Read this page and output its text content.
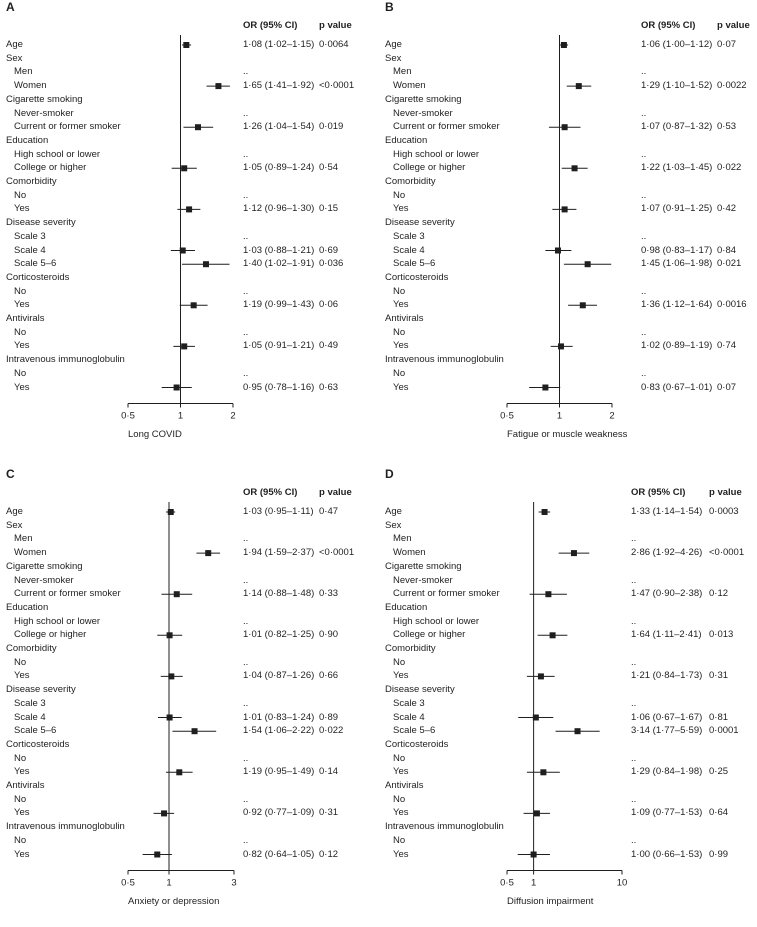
A
OR (95% CI) p value
Age	1·08 (1·02–1·15) 0·0064
Sex
Men	..
Women	1·65 (1·41–1·92) <0·0001
Cigarette smoking
Never-smoker	..
Current or former smoker	1·26 (1·04–1·54) 0·019
Education
High school or lower	..
College or higher	1·05 (0·89–1·24) 0·54
Comorbidity
No	..
Yes	1·12 (0·96–1·30) 0·15
Disease severity
Scale 3	..
Scale 4	1·03 (0·88–1·21) 0·69
Scale 5–6	1·40 (1·02–1·91) 0·036
Corticosteroids
No	..
Yes	1·19 (0·99–1·43) 0·06
Antivirals
No	..
Yes	1·05 (0·91–1·21) 0·49
Intravenous immunoglobulin
No	..
Yes	0·95 (0·78–1·16) 0·63
0·5	1	2
Long COVID
B
OR (95% CI) p value
Age	1·06 (1·00–1·12) 0·07
Sex
Men	..
Women	1·29 (1·10–1·52) 0·0022
Cigarette smoking
Never-smoker	..
Current or former smoker	1·07 (0·87–1·32) 0·53
Education
High school or lower	..
College or higher	1·22 (1·03–1·45) 0·022
Comorbidity
No	..
Yes	1·07 (0·91–1·25) 0·42
Disease severity
Scale 3	..
Scale 4	0·98 (0·83–1·17) 0·84
Scale 5–6	1·45 (1·06–1·98) 0·021
Corticosteroids
No	..
Yes	1·36 (1·12–1·64) 0·0016
Antivirals
No	..
Yes	1·02 (0·89–1·19) 0·74
Intravenous immunoglobulin
No	..
Yes	0·83 (0·67–1·01) 0·07
0·5	1	2
Fatigue or muscle weakness
C
OR (95% CI) p value
Age	1·03 (0·95–1·11) 0·47
Sex
Men	..
Women	1·94 (1·59–2·37) <0·0001
Cigarette smoking
Never-smoker	..
Current or former smoker	1·14 (0·88–1·48) 0·33
Education
High school or lower	..
College or higher	1·01 (0·82–1·25) 0·90
Comorbidity
No	..
Yes	1·04 (0·87–1·26) 0·66
Disease severity
Scale 3	..
Scale 4	1·01 (0·83–1·24) 0·89
Scale 5–6	1·54 (1·06–2·22) 0·022
Corticosteroids
No	..
Yes	1·19 (0·95–1·49) 0·14
Antivirals
No	..
Yes	0·92 (0·77–1·09) 0·31
Intravenous immunoglobulin
No	..
Yes	0·82 (0·64–1·05) 0·12
0·5	1	3
Anxiety or depression
D
OR (95% CI) p value
Age	1·33 (1·14–1·54) 0·0003
Sex
Men	..
Women	2·86 (1·92–4·26) <0·0001
Cigarette smoking
Never-smoker	..
Current or former smoker	1·47 (0·90–2·38) 0·12
Education
High school or lower	..
College or higher	1·64 (1·11–2·41) 0·013
Comorbidity
No	..
Yes	1·21 (0·84–1·73) 0·31
Disease severity
Scale 3	..
Scale 4	1·06 (0·67–1·67) 0·81
Scale 5–6	3·14 (1·77–5·59) 0·0001
Corticosteroids
No	..
Yes	1·29 (0·84–1·98) 0·25
Antivirals
No	..
Yes	1·09 (0·77–1·53) 0·64
Intravenous immunoglobulin
No	..
Yes	1·00 (0·66–1·53) 0·99
0·5 1	10
Diffusion impairment
